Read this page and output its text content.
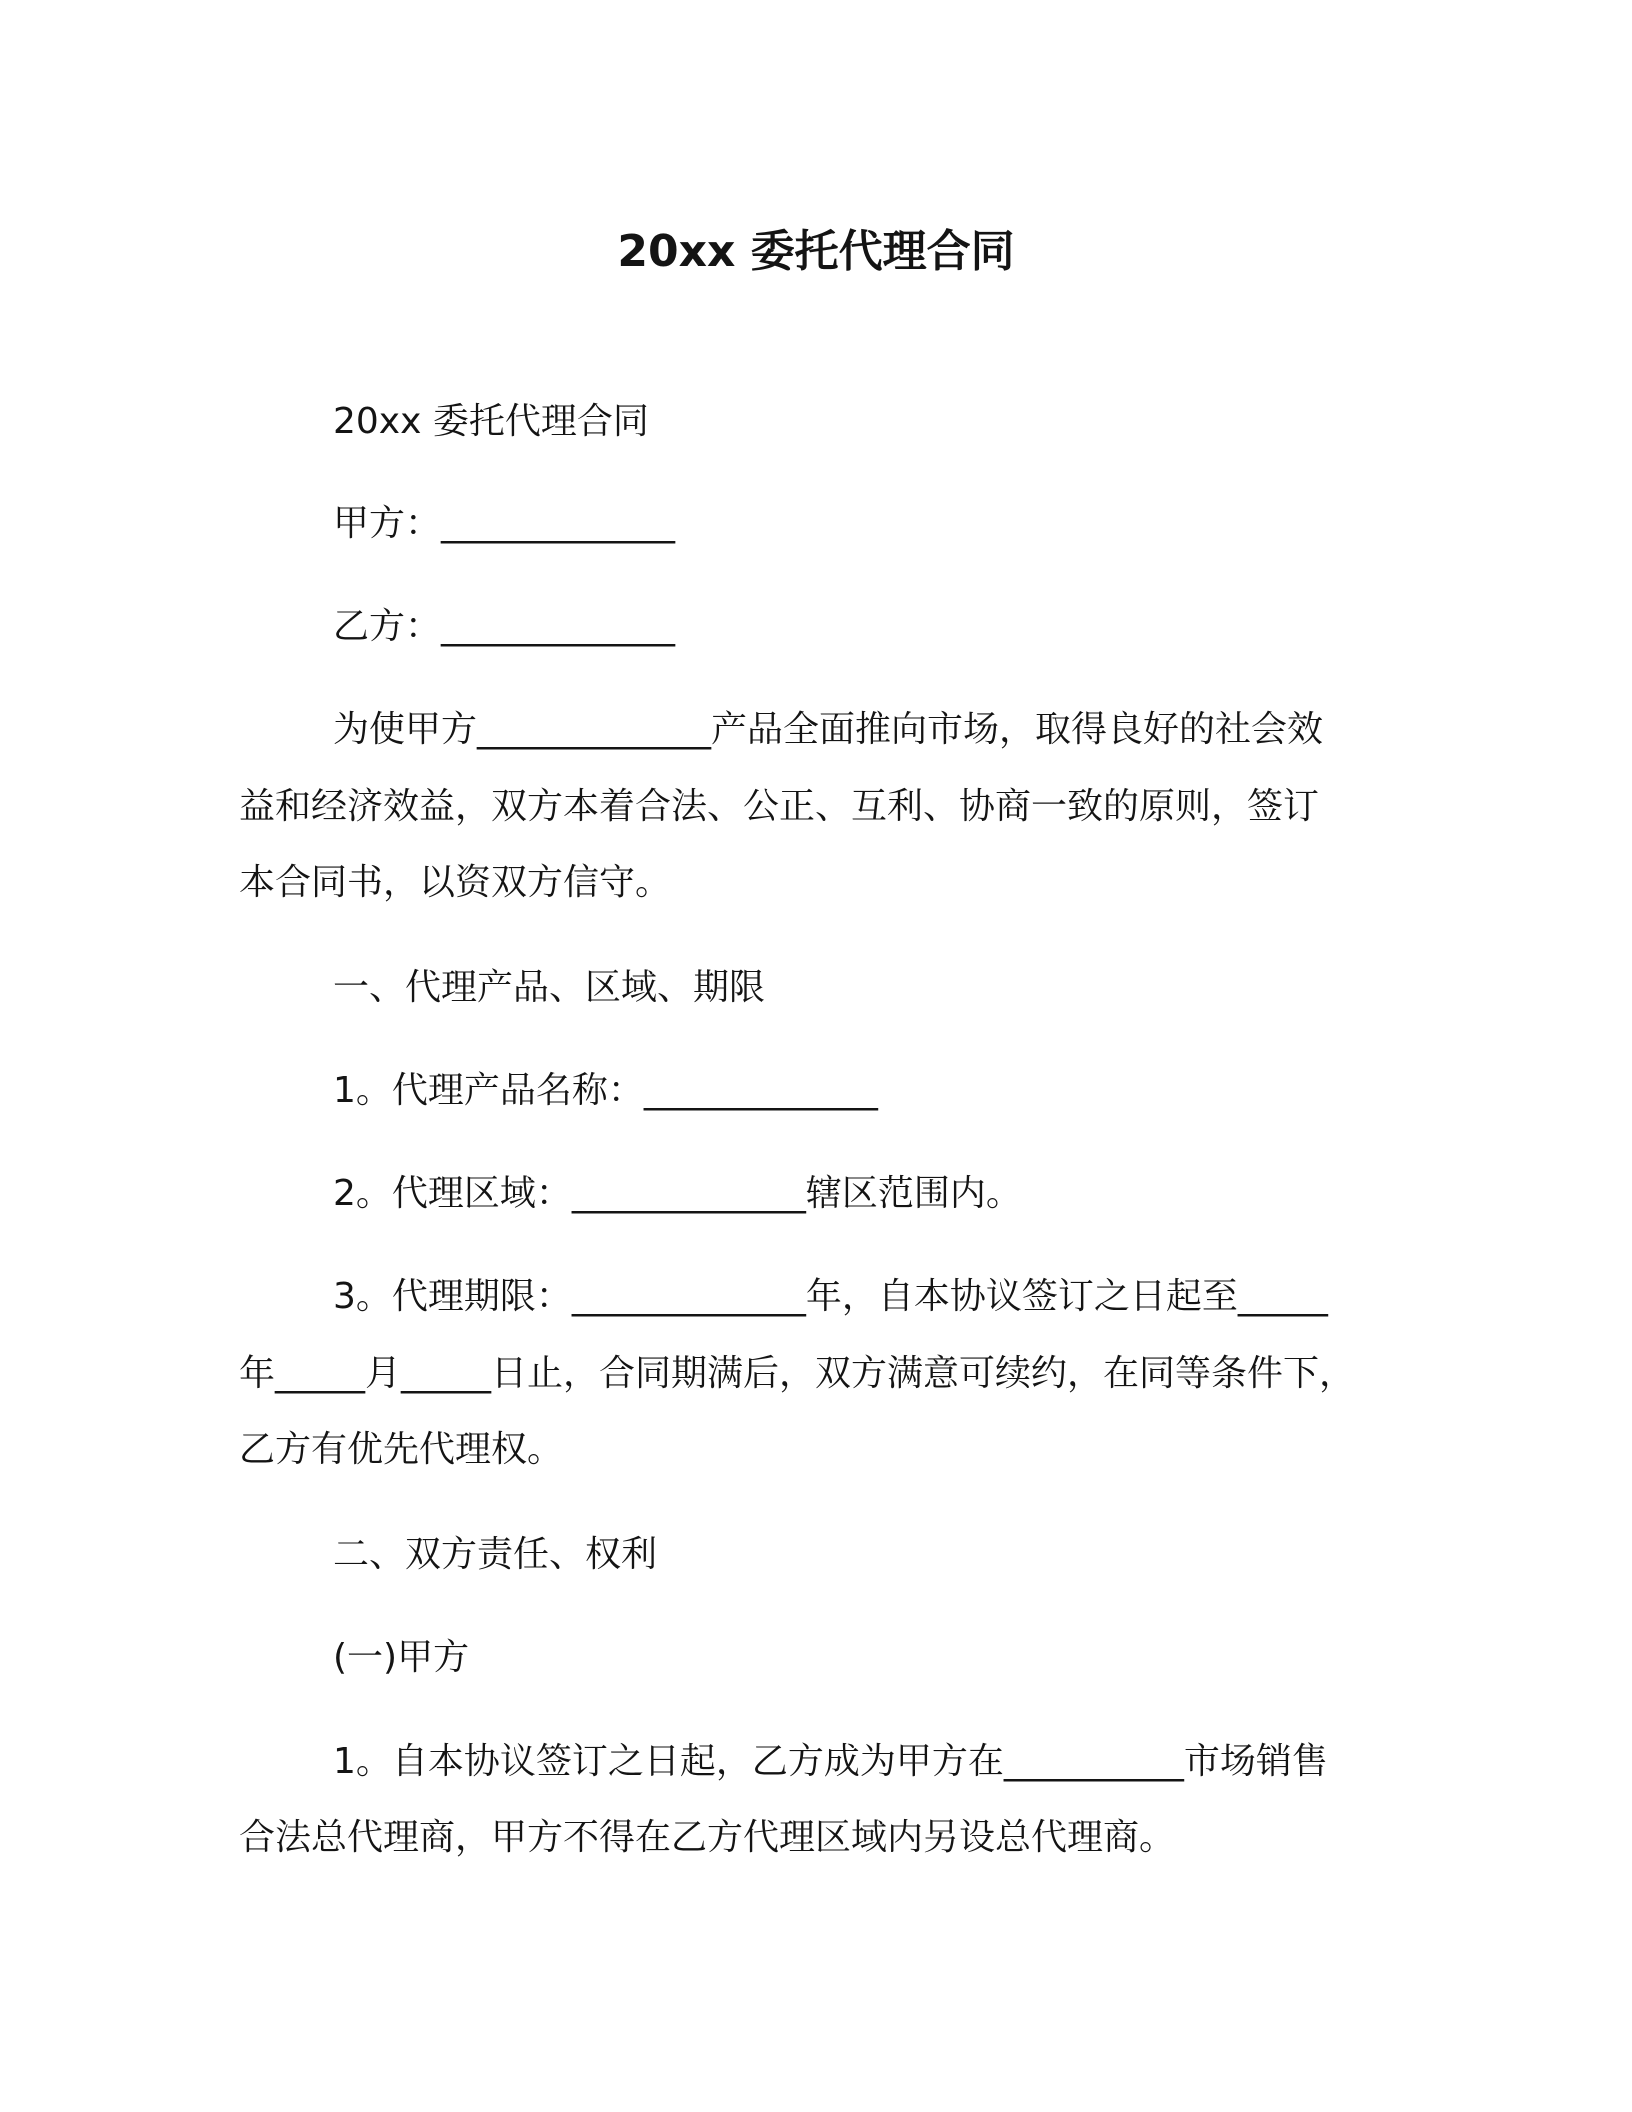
20xx 委托代理合同
20xx 委托代理合同
甲方：_____________
乙方：_____________
为使甲方_____________产品全面推向市场，取得良好的社会效
益和经济效益，双方本着合法、公正、互利、协商一致的原则，签订
本合同书，以资双方信守。
一、代理产品、区域、期限
1。代理产品名称：_____________
2。代理区域：_____________辖区范围内。
3。代理期限：_____________年，自本协议签订之日起至_____
年_____月_____日止，合同期满后，双方满意可续约，在同等条件下，
乙方有优先代理权。
二、双方责任、权利
(一)甲方
1。自本协议签订之日起，乙方成为甲方在__________市场销售
合法总代理商，甲方不得在乙方代理区域内另设总代理商。
